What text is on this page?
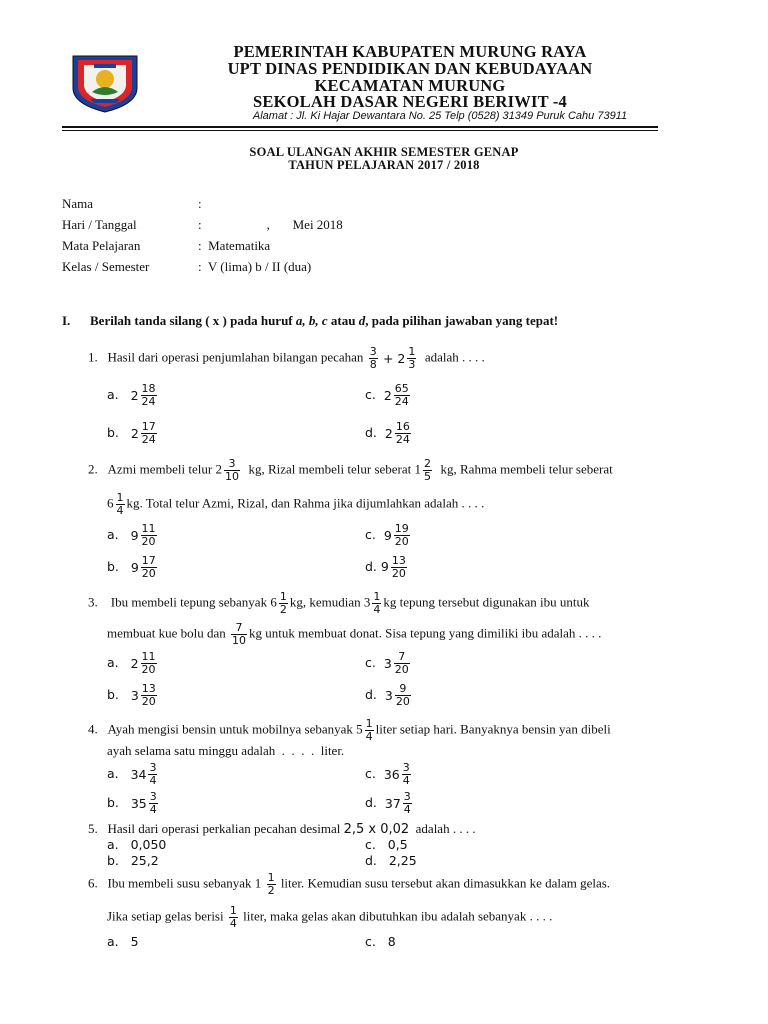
PEMERINTAH KABUPATEN MURUNG RAYA
UPT DINAS PENDIDIKAN DAN KEBUDAYAAN
KECAMATAN MURUNG
SEKOLAH DASAR NEGERI BERIWIT -4
Alamat : Jl. Ki Hajar Dewantara No. 25 Telp (0528) 31349 Puruk Cahu 73911
SOAL ULANGAN AKHIR SEMESTER GENAP
TAHUN PELAJARAN 2017 / 2018
Nama	:
Hari / Tanggal	:                    ,       Mei 2018
Mata Pelajaran	:  Matematika
Kelas / Semester	:  V (lima) b / II (dua)
I. Berilah tanda silang ( x ) pada huruf a, b, c atau d, pada pilihan jawaban yang tepat!
1. Hasil dari operasi penjumlahan bilangan pecahan $\frac{3}{8} + 2 \frac{1}{3}$ adalah . . . .
a. $2 \frac{18}{24}$
b. $2 \frac{17}{24}$
c. $2 \frac{65}{24}$
d. $2 \frac{16}{24}$
2. Azmi membeli telur $2 \frac{3}{10}$ kg, Rizal membeli telur seberat $1 \frac{2}{5}$ kg, Rahma membeli telur seberat
$6 \frac{1}{4}$ kg. Total telur Azmi, Rizal, dan Rahma jika dijumlahkan adalah . . . .
a. $9 \frac{11}{20}$
b. $9 \frac{17}{20}$
c. $9 \frac{19}{20}$
d. $9 \frac{13}{20}$
3. Ibu membeli tepung sebanyak $6 \frac{1}{2}$ kg, kemudian $3 \frac{1}{4}$ kg tepung tersebut digunakan ibu untuk
membuat kue bolu dan $\frac{7}{10}$ kg untuk membuat donat. Sisa tepung yang dimiliki ibu adalah . . . .
a. $2 \frac{11}{20}$
b. $3 \frac{13}{20}$
c. $3 \frac{7}{20}$
d. $3 \frac{9}{20}$
4. Ayah mengisi bensin untuk mobilnya sebanyak $5 \frac{1}{4}$ liter setiap hari. Banyaknya bensin yan dibeli
ayah selama satu minggu adalah  .  .  .  .  liter.
a. $34 \frac{3}{4}$
b. $35 \frac{3}{4}$
c. $36 \frac{3}{4}$
d. $37 \frac{3}{4}$
5. Hasil dari operasi perkalian pecahan desimal 2,5 x 0,02  adalah . . . .
a. 0,050
b. 25,2
c. 0,5
d. 2,25
6. Ibu membeli susu sebanyak $1 \frac{1}{2}$ liter. Kemudian susu tersebut akan dimasukkan ke dalam gelas.
Jika setiap gelas berisi $\frac{1}{4}$ liter, maka gelas akan dibutuhkan ibu adalah sebanyak . . . .
a. 5	c. 8
